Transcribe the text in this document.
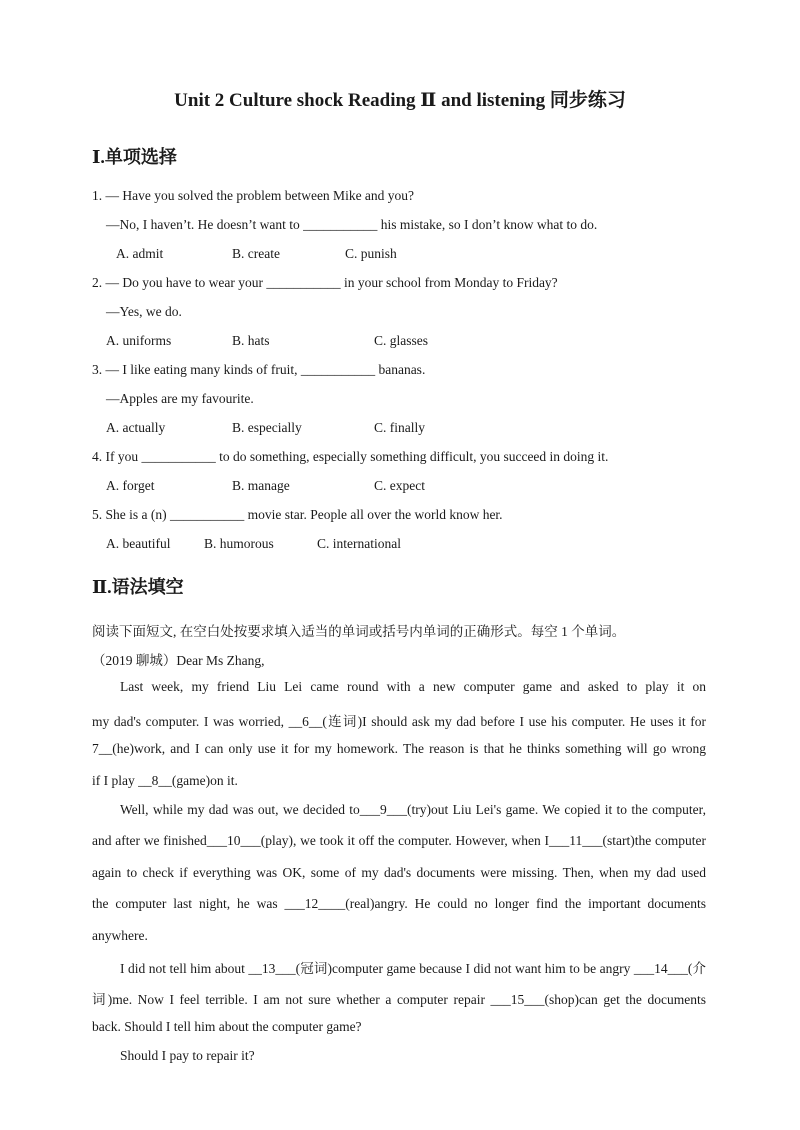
Unit 2 Culture shock Reading Ⅱ and listening 同步练习
Ⅰ.单项选择
1. — Have you solved the problem between Mike and you?
—No, I haven’t. He doesn’t want to ___________ his mistake, so I don’t know what to do.
A. admit	B. create	C. punish
2. — Do you have to wear your ___________ in your school from Monday to Friday?
—Yes, we do.
A. uniforms	B. hats	C. glasses
3. — I like eating many kinds of fruit, ___________ bananas.
—Apples are my favourite.
A. actually	B. especially	C. finally
4. If you ___________ to do something, especially something difficult, you succeed in doing it.
A. forget	B. manage	C. expect
5. She is a (n) ___________ movie star. People all over the world know her.
A. beautiful B. humorous	C. international
Ⅱ.语法填空
阅读下面短文, 在空白处按要求填入适当的单词或括号内单词的正确形式。每空 1 个单词。
（2019 聊城）Dear Ms Zhang,
Last week, my friend Liu Lei came round with a new computer game and asked to play it on
my dad's computer. I was worried, __6__(连词)I should ask my dad before I use his computer. He uses it for
7__(he)work, and I can only use it for my homework. The reason is that he thinks something will go wrong
if I play __8__(game)on it.
Well, while my dad was out, we decided to___9___(try)out Liu Lei's game. We copied it to the computer,
and after we finished___10___(play), we took it off the computer. However, when I___11___(start)the computer
again to check if everything was OK, some of my dad's documents were missing. Then, when my dad used
the computer last night, he was ___12____(real)angry. He could no longer find the important documents
anywhere.
I did not tell him about __13___(冠词)computer game because I did not want him to be angry ___14___(介
词)me. Now I feel terrible. I am not sure whether a computer repair ___15___(shop)can get the documents
back. Should I tell him about the computer game?
Should I pay to repair it?
